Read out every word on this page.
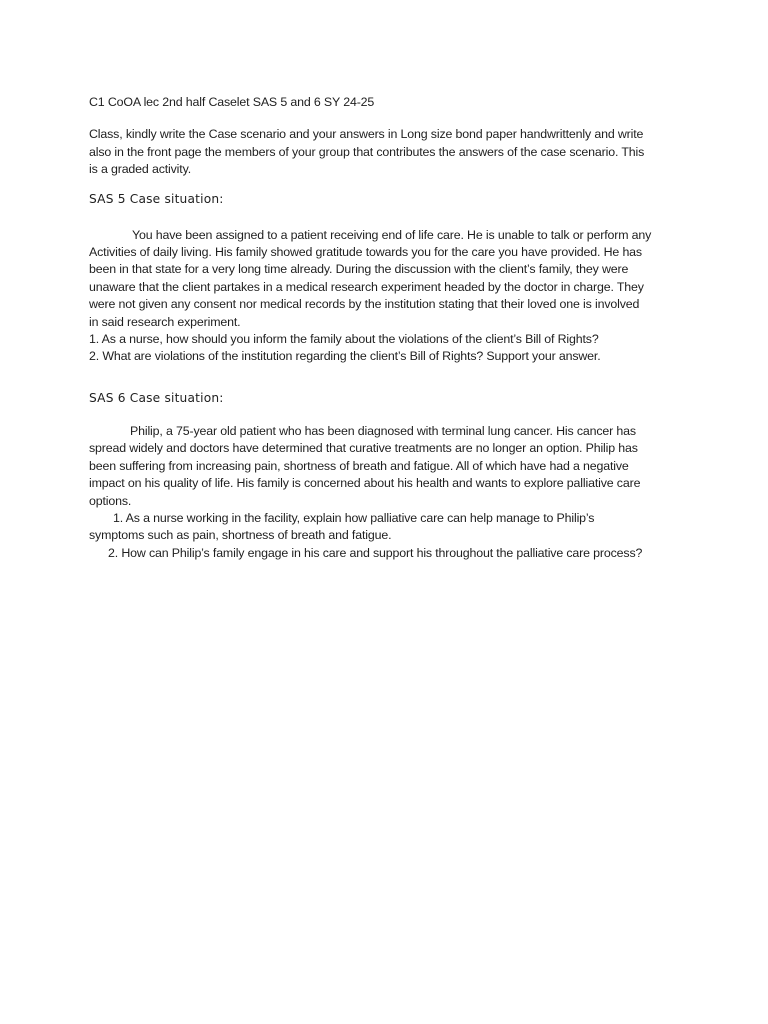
C1 CoOA lec 2nd half Caselet SAS 5 and 6 SY 24-25

Class, kindly write the Case scenario and your answers in Long size bond paper handwrittenly and write
also in the front page the members of your group that contributes the answers of the case scenario. This
is a graded activity.

SAS 5 Case situation:

You have been assigned to a patient receiving end of life care. He is unable to talk or perform any
Activities of daily living. His family showed gratitude towards you for the care you have provided. He has
been in that state for a very long time already. During the discussion with the client’s family, they were
unaware that the client partakes in a medical research experiment headed by the doctor in charge. They
were not given any consent nor medical records by the institution stating that their loved one is involved
in said research experiment.

1. As a nurse, how should you inform the family about the violations of the client’s Bill of Rights?
2. What are violations of the institution regarding the client’s Bill of Rights? Support your answer.

SAS 6 Case situation:

Philip, a 75-year old patient who has been diagnosed with terminal lung cancer. His cancer has
spread widely and doctors have determined that curative treatments are no longer an option. Philip has
been suffering from increasing pain, shortness of breath and fatigue. All of which have had a negative
impact on his quality of life. His family is concerned about his health and wants to explore palliative care
options.

1. As a nurse working in the facility, explain how palliative care can help manage to Philip’s
symptoms such as pain, shortness of breath and fatigue.

2. How can Philip’s family engage in his care and support his throughout the palliative care process?
